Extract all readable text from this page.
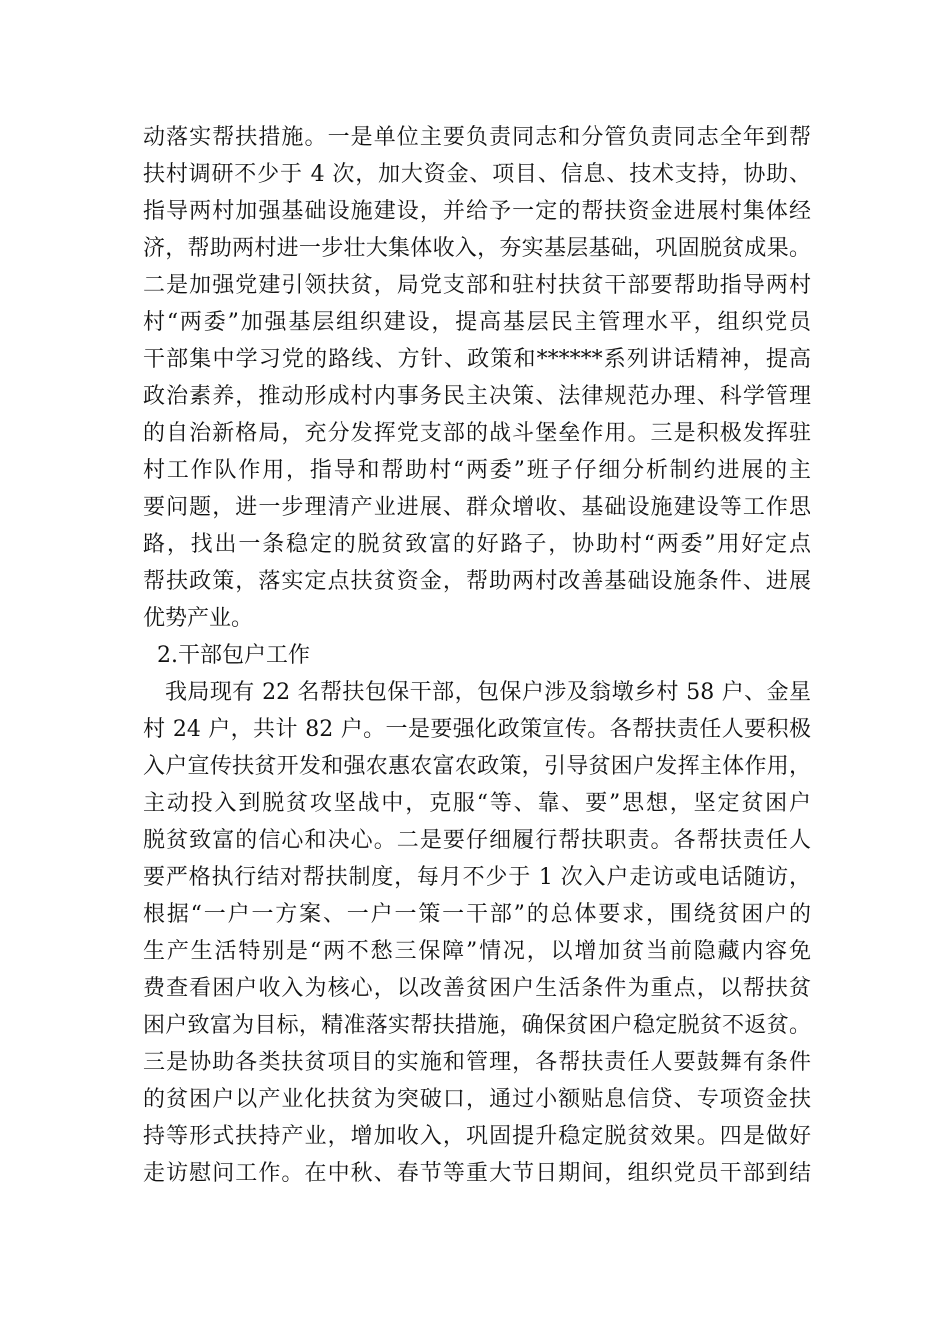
动落实帮扶措施。一是单位主要负责同志和分管负责同志全年到帮
扶村调研不少于 4 次，加大资金、项目、信息、技术支持，协助、
指导两村加强基础设施建设，并给予一定的帮扶资金进展村集体经
济，帮助两村进一步壮大集体收入，夯实基层基础，巩固脱贫成果。
二是加强党建引领扶贫，局党支部和驻村扶贫干部要帮助指导两村
村“两委”加强基层组织建设，提高基层民主管理水平，组织党员
干部集中学习党的路线、方针、政策和******系列讲话精神，提高
政治素养，推动形成村内事务民主决策、法律规范办理、科学管理
的自治新格局，充分发挥党支部的战斗堡垒作用。三是积极发挥驻
村工作队作用，指导和帮助村“两委”班子仔细分析制约进展的主
要问题，进一步理清产业进展、群众增收、基础设施建设等工作思
路，找出一条稳定的脱贫致富的好路子，协助村“两委”用好定点
帮扶政策，落实定点扶贫资金，帮助两村改善基础设施条件、进展
优势产业。
2.干部包户工作
我局现有 22 名帮扶包保干部，包保户涉及翁墩乡村 58 户、金星
村 24 户，共计 82 户。一是要强化政策宣传。各帮扶责任人要积极
入户宣传扶贫开发和强农惠农富农政策，引导贫困户发挥主体作用，
主动投入到脱贫攻坚战中，克服“等、靠、要”思想，坚定贫困户
脱贫致富的信心和决心。二是要仔细履行帮扶职责。各帮扶责任人
要严格执行结对帮扶制度，每月不少于 1 次入户走访或电话随访，
根据“一户一方案、一户一策一干部”的总体要求，围绕贫困户的
生产生活特别是“两不愁三保障”情况，以增加贫当前隐藏内容免
费查看困户收入为核心，以改善贫困户生活条件为重点，以帮扶贫
困户致富为目标，精准落实帮扶措施，确保贫困户稳定脱贫不返贫。
三是协助各类扶贫项目的实施和管理，各帮扶责任人要鼓舞有条件
的贫困户以产业化扶贫为突破口，通过小额贴息信贷、专项资金扶
持等形式扶持产业，增加收入，巩固提升稳定脱贫效果。四是做好
走访慰问工作。在中秋、春节等重大节日期间，组织党员干部到结
